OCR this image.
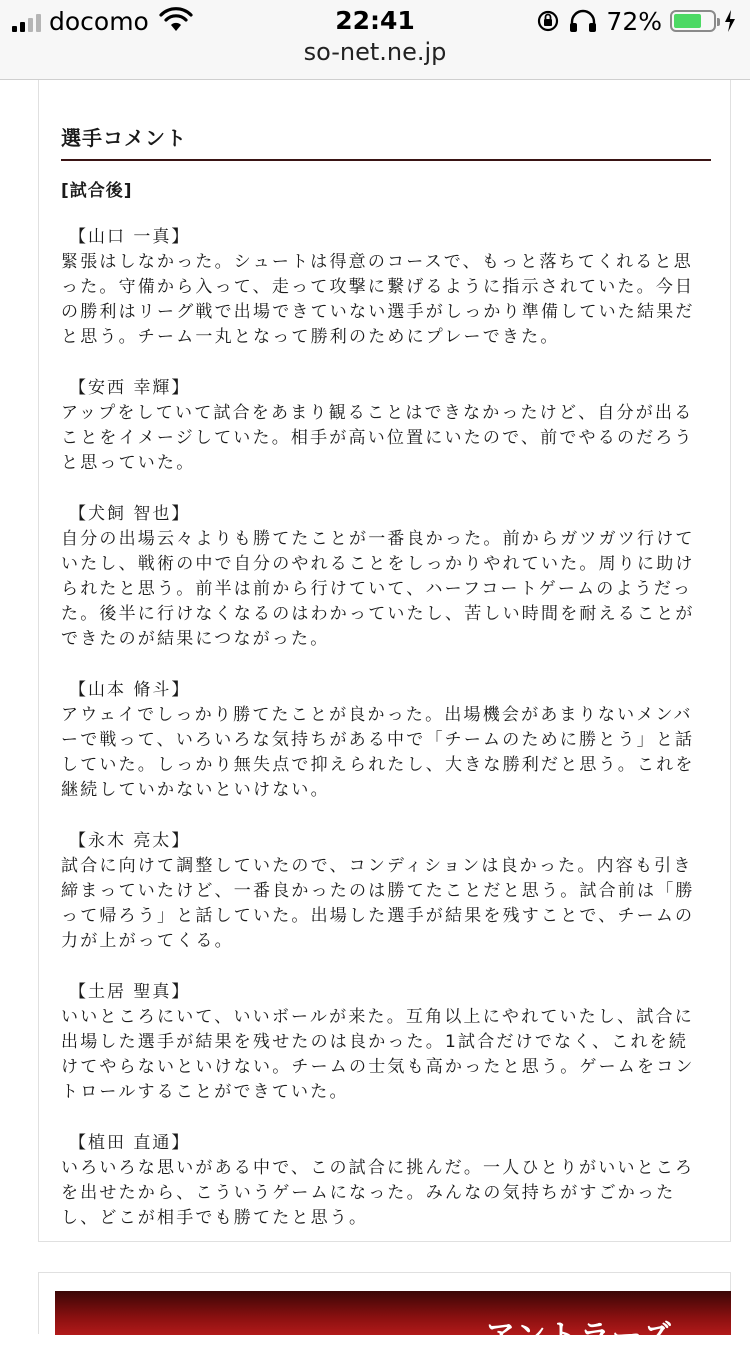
docomo	22:41	72%
so-net.ne.jp
選手コメント
[試合後]
【山口 一真】
緊張はしなかった。シュートは得意のコースで、もっと落ちてくれると思
った。守備から入って、走って攻撃に繋げるように指示されていた。今日
の勝利はリーグ戦で出場できていない選手がしっかり準備していた結果だ
と思う。チーム一丸となって勝利のためにプレーできた。
【安西 幸輝】
アップをしていて試合をあまり観ることはできなかったけど、自分が出る
ことをイメージしていた。相手が高い位置にいたので、前でやるのだろう
と思っていた。
【犬飼 智也】
自分の出場云々よりも勝てたことが一番良かった。前からガツガツ行けて
いたし、戦術の中で自分のやれることをしっかりやれていた。周りに助け
られたと思う。前半は前から行けていて、ハーフコートゲームのようだっ
た。後半に行けなくなるのはわかっていたし、苦しい時間を耐えることが
できたのが結果につながった。
【山本 脩斗】
アウェイでしっかり勝てたことが良かった。出場機会があまりないメンバ
ーで戦って、いろいろな気持ちがある中で「チームのために勝とう」と話
していた。しっかり無失点で抑えられたし、大きな勝利だと思う。これを
継続していかないといけない。
【永木 亮太】
試合に向けて調整していたので、コンディションは良かった。内容も引き
締まっていたけど、一番良かったのは勝てたことだと思う。試合前は「勝
って帰ろう」と話していた。出場した選手が結果を残すことで、チームの
力が上がってくる。
【土居 聖真】
いいところにいて、いいボールが来た。互角以上にやれていたし、試合に
出場した選手が結果を残せたのは良かった。1試合だけでなく、これを続
けてやらないといけない。チームの士気も高かったと思う。ゲームをコン
トロールすることができていた。
【植田 直通】
いろいろな思いがある中で、この試合に挑んだ。一人ひとりがいいところ
を出せたから、こういうゲームになった。みんなの気持ちがすごかった
し、どこが相手でも勝てたと思う。
アントラーズ
